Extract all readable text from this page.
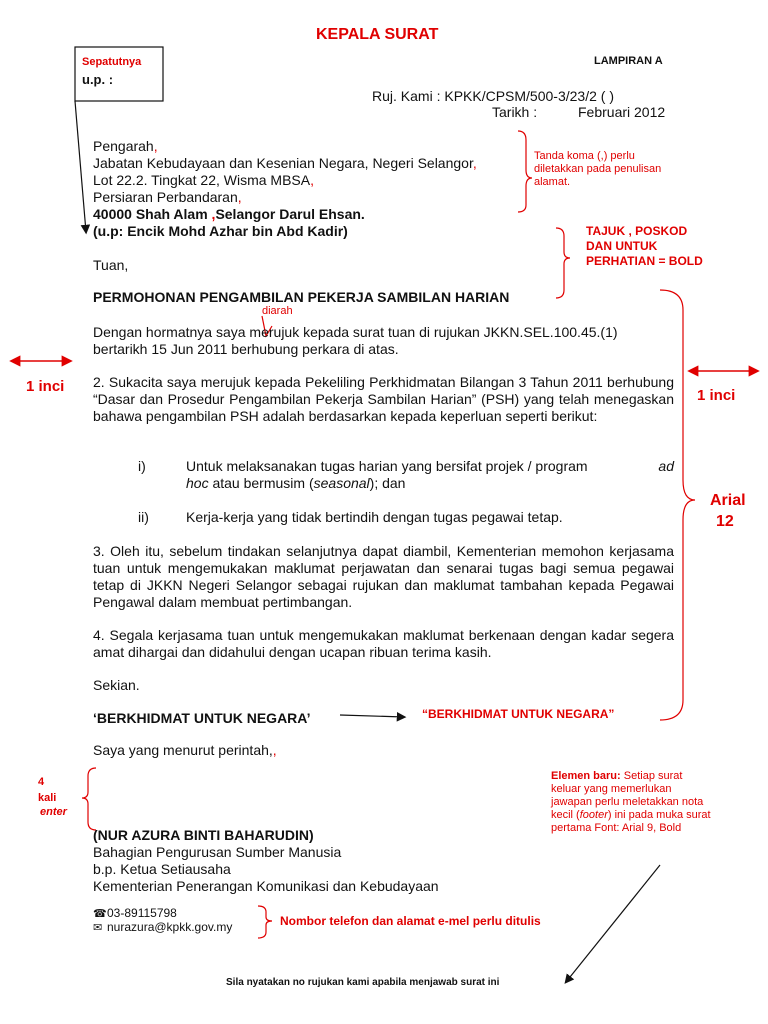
KEPALA SURAT
LAMPIRAN A
Sepatutnya
u.p. :
Ruj. Kami : KPKK/CPSM/500-3/23/2 ( )
Tarikh :	Februari 2012
Pengarah,
Jabatan Kebudayaan dan Kesenian Negara, Negeri Selangor,
Lot 22.2. Tingkat 22, Wisma MBSA,
Persiaran Perbandaran,
40000 Shah Alam ,Selangor Darul Ehsan.
(u.p: Encik Mohd Azhar bin Abd Kadir)
Tanda koma (,) perlu diletakkan pada penulisan alamat.
TAJUK , POSKOD
DAN UNTUK
PERHATIAN = BOLD
Tuan,
PERMOHONAN PENGAMBILAN PEKERJA SAMBILAN HARIAN
diarah
Dengan hormatnya saya merujuk kepada surat tuan di rujukan JKKN.SEL.100.45.(1)
bertarikh 15 Jun 2011 berhubung perkara di atas.
1 inci
1 inci
2. Sukacita saya merujuk kepada Pekeliling Perkhidmatan Bilangan 3 Tahun 2011 berhubung “Dasar dan Prosedur Pengambilan Pekerja Sambilan Harian” (PSH) yang telah menegaskan bahawa pengambilan PSH adalah berdasarkan kepada keperluan seperti berikut:
i)	Untuk melaksanakan tugas harian yang bersifat projek / program	ad

hoc atau bermusim (seasonal); dan
ii)	Kerja-kerja yang tidak bertindih dengan tugas pegawai tetap.
Arial
12
3. Oleh itu, sebelum tindakan selanjutnya dapat diambil, Kementerian memohon kerjasama tuan untuk mengemukakan maklumat perjawatan dan senarai tugas bagi semua pegawai tetap di JKKN Negeri Selangor sebagai rujukan dan maklumat tambahan kepada Pegawai Pengawal dalam membuat pertimbangan.
4. Segala kerjasama tuan untuk mengemukakan maklumat berkenaan dengan kadar segera amat dihargai dan didahului dengan ucapan ribuan terima kasih.
Sekian.
‘BERKHIDMAT UNTUK NEGARA’	“BERKHIDMAT UNTUK NEGARA”
Saya yang menurut perintah,,
4
kali
enter
Elemen baru: Setiap surat keluar yang memerlukan jawapan perlu meletakkan nota kecil (footer) ini pada muka surat pertama Font: Arial 9, Bold
(NUR AZURA BINTI BAHARUDIN)
Bahagian Pengurusan Sumber Manusia
b.p. Ketua Setiausaha
Kementerian Penerangan Komunikasi dan Kebudayaan
☎03-89115798
✉ nurazura@kpkk.gov.my	Nombor telefon dan alamat e-mel perlu ditulis
Sila nyatakan no rujukan kami apabila menjawab surat ini
